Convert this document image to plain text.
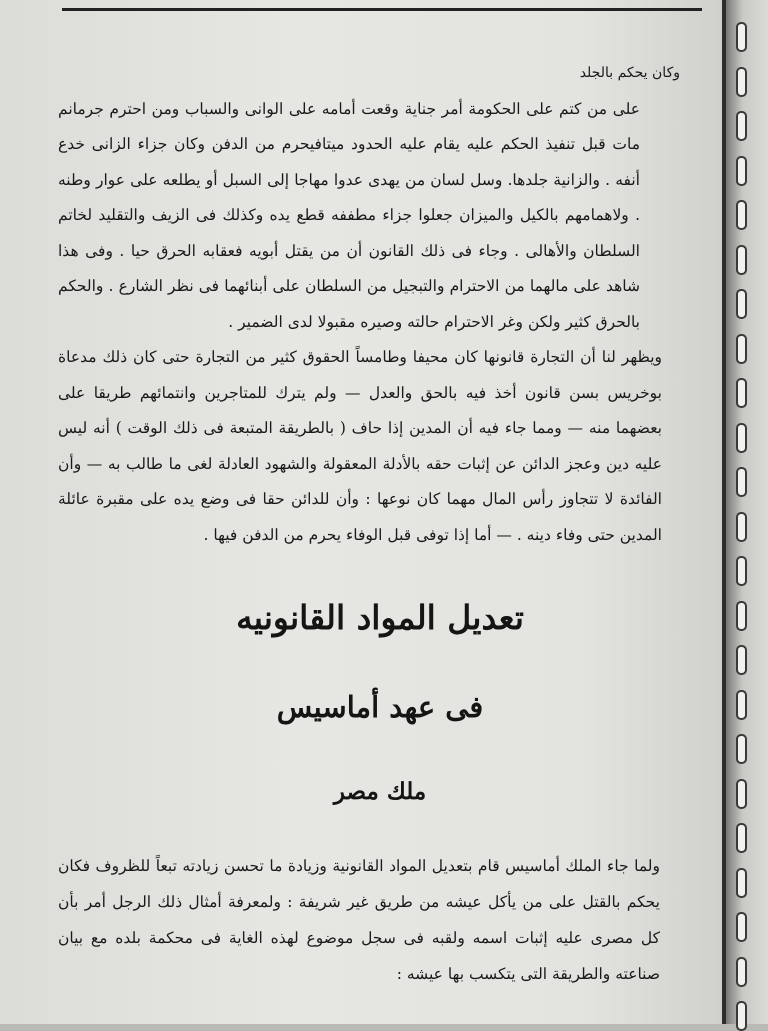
وكان يحكم بالجلد

على من كتم على الحكومة أمر جناية وقعت أمامه على الوانى والسباب ومن احترم جرمانم مات قبل تنفيذ الحكم عليه يقام عليه الحدود ميتافيحرم من الدفن وكان جزاء الزانى خدع أنفه . والزانية جلدها. وسل لسان من يهدى عدوا مهاجا إلى السبل أو يطلعه على عوار وطنه . ولاهمامهم بالكيل والميزان جعلوا جزاء مطففه قطع يده وكذلك فى الزيف والتقليد لخاتم السلطان والأهالى . وجاء فى ذلك القانون أن من يقتل أبويه فعقابه الحرق حيا . وفى هذا شاهد على مالهما من الاحترام والتبجيل من السلطان على أبنائهما فى نظر الشارع . والحكم بالحرق كثير ولكن وغر الاحترام حالته وصيره مقبولا لدى الضمير .

ويظهر لنا أن التجارة قانونها كان محيفا وطامساً الحقوق كثير من التجارة حتى كان ذلك مدعاة بوخريس بسن قانون أخذ فيه بالحق والعدل — ولم يترك للمتاجرين وانتمائهم طريقا على بعضهما منه — ومما جاء فيه أن المدين إذا حاف ( بالطريقة المتبعة فى ذلك الوقت ) أنه ليس عليه دين وعجز الدائن عن إثبات حقه بالأدلة المعقولة والشهود العادلة لغى ما طالب به — وأن الفائدة لا تتجاوز رأس المال مهما كان نوعها : وأن للدائن حقا فى وضع يده على مقبرة عائلة المدين حتى وفاء دينه . — أما إذا توفى قبل الوفاء يحرم من الدفن فيها .

تعديل المواد القانونيه
فى عهد أماسيس
ملك مصر

ولما جاء الملك أماسيس قام بتعديل المواد القانونية وزيادة ما تحسن زيادته تبعاً للظروف فكان يحكم بالقتل على من يأكل عيشه من طريق غير شريفة : ولمعرفة أمثال ذلك الرجل أمر بأن كل مصرى عليه إثبات اسمه ولقبه فى سجل موضوع لهذه الغاية فى محكمة بلده مع بيان صناعته والطريقة التى يتكسب بها عيشه :
